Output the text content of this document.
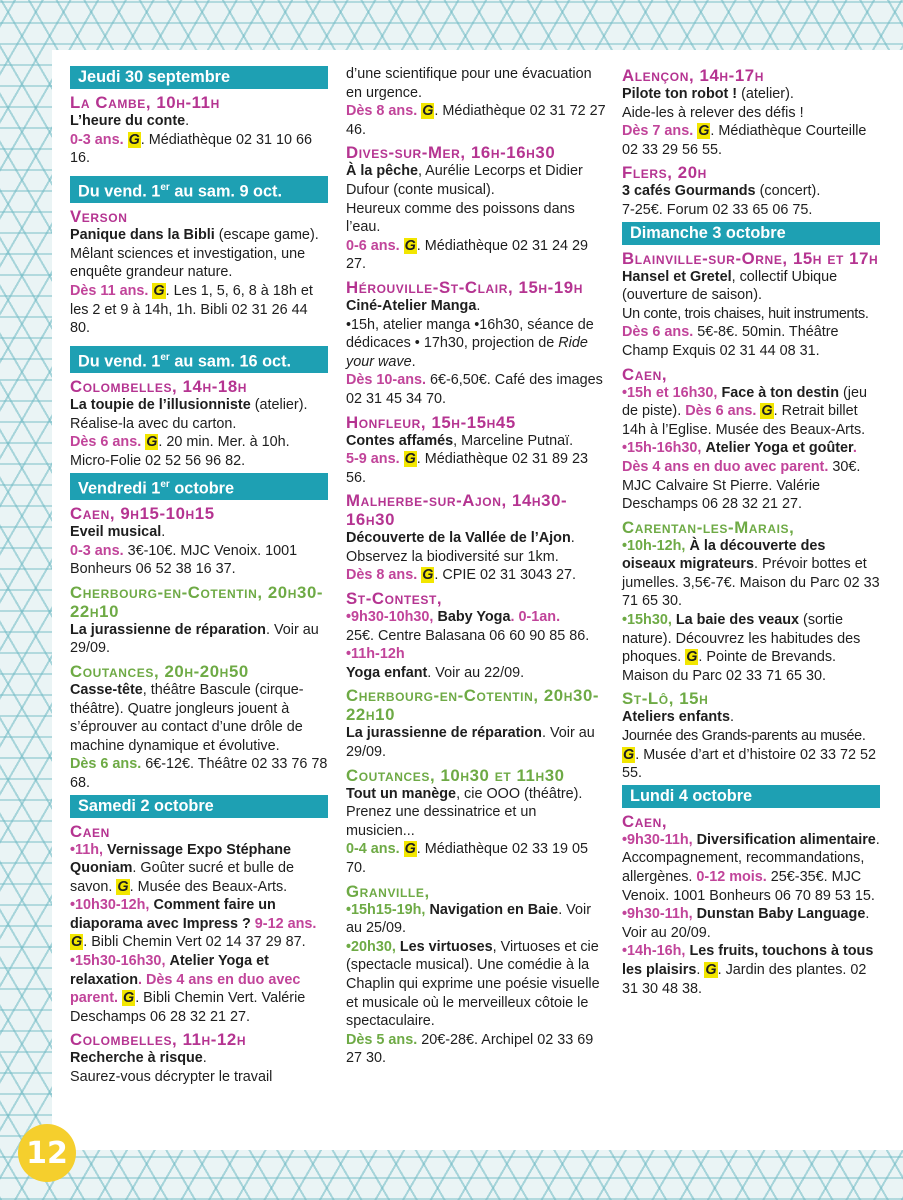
Jeudi 30 septembre
La Cambe, 10h-11h

L’heure du conte.
0-3 ans. G. Médiathèque 02 31 10 66 16.

Du vend. 1er au sam. 9 oct.
Verson

Panique dans la Bibli (escape game). Mêlant sciences et investigation, une enquête grandeur nature.
Dès 11 ans. G. Les 1, 5, 6, 8 à 18h et les 2 et 9 à 14h, 1h. Bibli 02 31 26 44 80.

Du vend. 1er au sam. 16 oct.
Colombelles, 14h-18h

La toupie de l’illusionniste (atelier). Réalise-la avec du carton.
Dès 6 ans. G. 20 min. Mer. à 10h. Micro-Folie 02 52 56 96 82.

Vendredi 1er octobre
Caen, 9h15-10h15

Eveil musical.
0-3 ans. 3€-10€. MJC Venoix. 1001 Bonheurs 06 52 38 16 37.

Cherbourg-en-Cotentin, 20h30-22h10

La jurassienne de réparation. Voir au 29/09.

Coutances, 20h-20h50

Casse-tête, théâtre Bascule (cirque-théâtre). Quatre jongleurs jouent à s’éprouver au contact d’une drôle de machine dynamique et évolutive.
Dès 6 ans. 6€-12€. Théâtre 02 33 76 78 68.

Samedi 2 octobre
Caen

•11h, Vernissage Expo Stéphane Quoniam. Goûter sucré et bulle de savon. G. Musée des Beaux-Arts.

•10h30-12h, Comment faire un diaporama avec Impress ? 9-12 ans. G. Bibli Chemin Vert 02 14 37 29 87.

•15h30-16h30, Atelier Yoga et relaxation. Dès 4 ans en duo avec parent. G. Bibli Chemin Vert. Valérie Deschamps 06 28 32 21 27.

Colombelles, 11h-12h

Recherche à risque.
Saurez-vous décrypter le travail

d’une scientifique pour une évacuation en urgence.
Dès 8 ans. G. Médiathèque 02 31 72 27 46.

Dives-sur-Mer, 16h-16h30

À la pêche, Aurélie Lecorps et Didier Dufour (conte musical).
Heureux comme des poissons dans l’eau.
0-6 ans. G. Médiathèque 02 31 24 29 27.

Hérouville-St-Clair, 15h-19h

Ciné-Atelier Manga.
•15h, atelier manga •16h30, séance de dédicaces • 17h30, projection de Ride your wave.
Dès 10-ans. 6€-6,50€. Café des images 02 31 45 34 70.

Honfleur, 15h-15h45

Contes affamés, Marceline Putnaï.
5-9 ans. G. Médiathèque 02 31 89 23 56.

Malherbe-sur-Ajon, 14h30-16h30

Découverte de la Vallée de l’Ajon.
Observez la biodiversité sur 1km.
Dès 8 ans. G. CPIE 02 31 3043 27.

St-Contest,

•9h30-10h30, Baby Yoga. 0-1an.
25€. Centre Balasana 06 60 90 85 86.

•11h-12h
Yoga enfant. Voir au 22/09.

Cherbourg-en-Cotentin, 20h30-22h10

La jurassienne de réparation. Voir au 29/09.

Coutances, 10h30 et 11h30

Tout un manège, cie OOO (théâtre). Prenez une dessinatrice et un musicien...
0-4 ans. G. Médiathèque 02 33 19 05 70.

Granville,

•15h15-19h, Navigation en Baie. Voir au 25/09.

•20h30, Les virtuoses, Virtuoses et cie (spectacle musical). Une comédie à la Chaplin qui exprime une poésie visuelle et musicale où le merveilleux côtoie le spectaculaire.
Dès 5 ans. 20€-28€. Archipel 02 33 69 27 30.

Alençon, 14h-17h

Pilote ton robot ! (atelier).
Aide-les à relever des défis !
Dès 7 ans. G. Médiathèque Courteille 02 33 29 56 55.

Flers, 20h

3 cafés Gourmands (concert).
7-25€. Forum 02 33 65 06 75.

Dimanche 3 octobre
Blainville-sur-Orne, 15h et 17h

Hansel et Gretel, collectif Ubique (ouverture de saison).
Un conte, trois chaises, huit instruments.
Dès 6 ans. 5€-8€. 50min. Théâtre Champ Exquis 02 31 44 08 31.

Caen,

•15h et 16h30, Face à ton destin (jeu de piste). Dès 6 ans. G. Retrait billet 14h à l’Eglise. Musée des Beaux-Arts.

•15h-16h30, Atelier Yoga et goûter. Dès 4 ans en duo avec parent. 30€. MJC Calvaire St Pierre. Valérie Deschamps 06 28 32 21 27.

Carentan-les-Marais,

•10h-12h, À la découverte des oiseaux migrateurs. Prévoir bottes et jumelles. 3,5€-7€. Maison du Parc 02 33 71 65 30.

•15h30, La baie des veaux (sortie nature). Découvrez les habitudes des phoques. G. Pointe de Brevands. Maison du Parc 02 33 71 65 30.

St-Lô, 15h

Ateliers enfants.
Journée des Grands-parents au musée.
G. Musée d’art et d’histoire 02 33 72 52 55.

Lundi 4 octobre
Caen,

•9h30-11h, Diversification alimentaire. Accompagnement, recommandations, allergènes. 0-12 mois. 25€-35€. MJC Venoix. 1001 Bonheurs 06 70 89 53 15.

•9h30-11h, Dunstan Baby Language. Voir au 20/09.

•14h-16h, Les fruits, touchons à tous les plaisirs. G. Jardin des plantes. 02 31 30 48 38.

12
